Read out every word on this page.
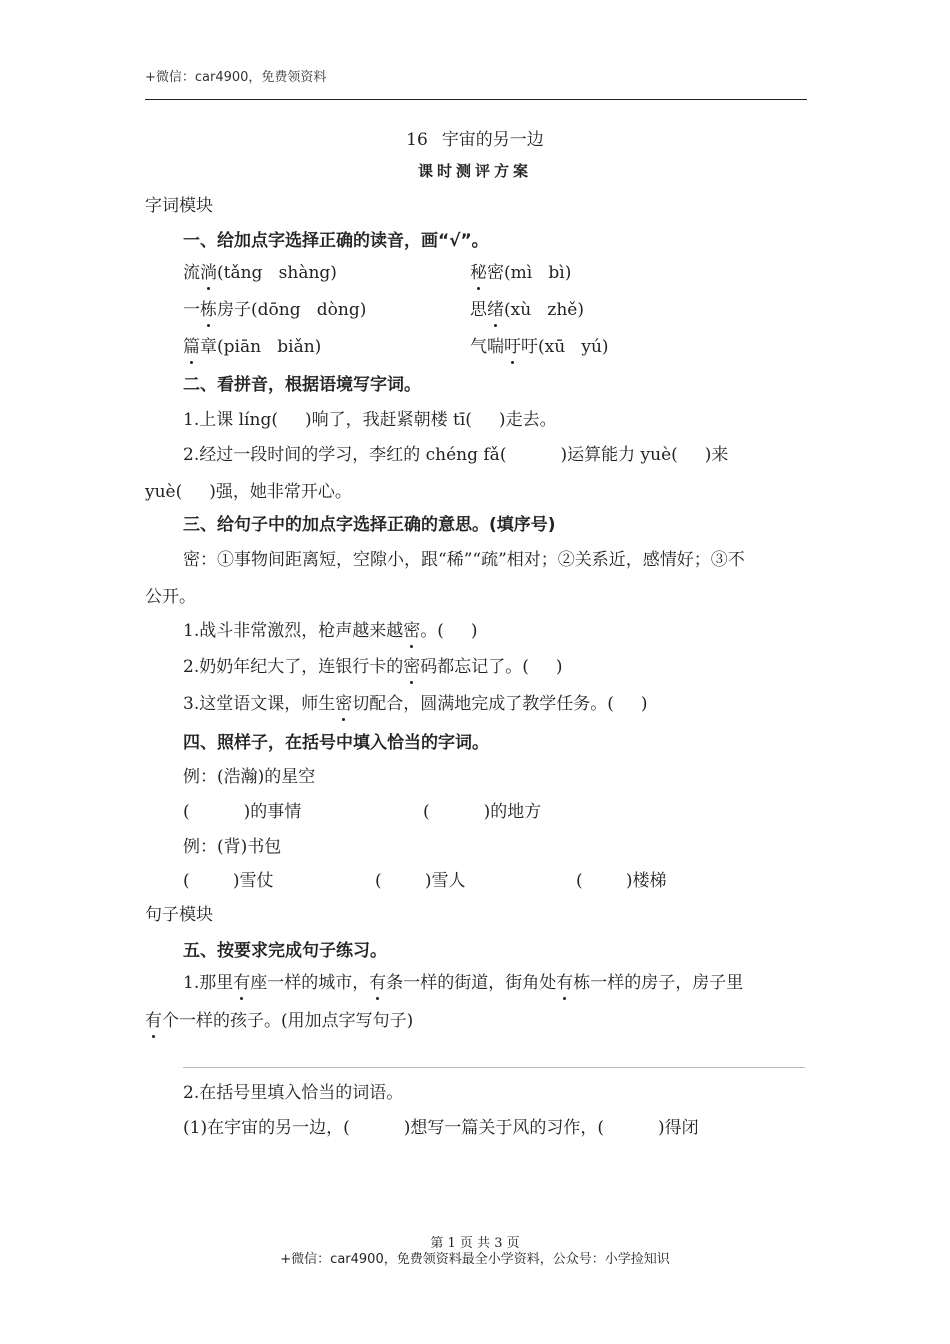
+微信：car4900，免费领资料
16 宇宙的另一边
课时测评方案
字词模块
一、给加点字选择正确的读音，画“√”。
流淌(tǎng   shàng)	秘密(mì   bì)
一栋房子(dōng   dòng)	思绪(xù   zhě)
篇章(piān   biǎn)	气喘吁吁(xū   yú)
二、看拼音，根据语境写字词。
1.上课 líng(     )响了，我赶紧朝楼 tī(     )走去。
2.经过一段时间的学习，李红的 chéng fǎ(          )运算能力 yuè(     )来
yuè(     )强，她非常开心。
三、给句子中的加点字选择正确的意思。(填序号)
密：①事物间距离短，空隙小，跟“稀”“疏”相对；②关系近，感情好；③不
公开。
1.战斗非常激烈，枪声越来越密。(     )
2.奶奶年纪大了，连银行卡的密码都忘记了。(     )
3.这堂语文课，师生密切配合，圆满地完成了教学任务。(     )
四、照样子，在括号中填入恰当的字词。
例：(浩瀚)的星空
(          )的事情	(          )的地方
例：(背)书包
(        )雪仗	(        )雪人	(        )楼梯
句子模块
五、按要求完成句子练习。
1.那里有座一样的城市，有条一样的街道，街角处有栋一样的房子，房子里
有个一样的孩子。(用加点字写句子)
2.在括号里填入恰当的词语。
(1)在宇宙的另一边，(          )想写一篇关于风的习作，(          )得闭
第 1 页 共 3 页
+微信：car4900，免费领资料最全小学资料，公众号：小学捡知识
